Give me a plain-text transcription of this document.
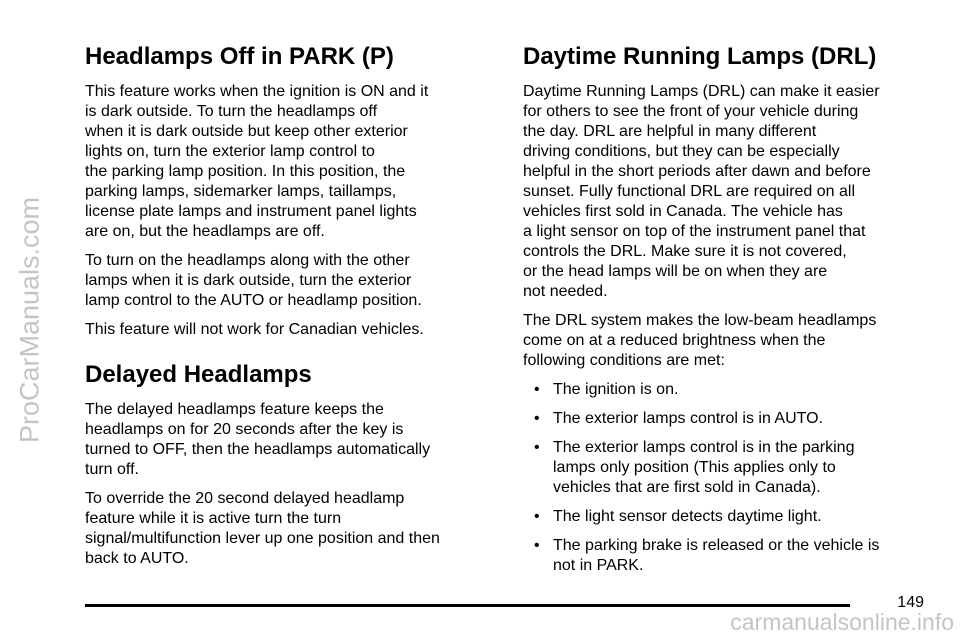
ProCarManuals.com
Headlamps Off in PARK (P)

This feature works when the ignition is ON and it
is dark outside. To turn the headlamps off
when it is dark outside but keep other exterior
lights on, turn the exterior lamp control to
the parking lamp position. In this position, the
parking lamps, sidemarker lamps, taillamps,
license plate lamps and instrument panel lights
are on, but the headlamps are off.

To turn on the headlamps along with the other
lamps when it is dark outside, turn the exterior
lamp control to the AUTO or headlamp position.

This feature will not work for Canadian vehicles.

Delayed Headlamps

The delayed headlamps feature keeps the
headlamps on for 20 seconds after the key is
turned to OFF, then the headlamps automatically
turn off.

To override the 20 second delayed headlamp
feature while it is active turn the turn
signal/multifunction lever up one position and then
back to AUTO.

Daytime Running Lamps (DRL)

Daytime Running Lamps (DRL) can make it easier
for others to see the front of your vehicle during
the day. DRL are helpful in many different
driving conditions, but they can be especially
helpful in the short periods after dawn and before
sunset. Fully functional DRL are required on all
vehicles first sold in Canada. The vehicle has
a light sensor on top of the instrument panel that
controls the DRL. Make sure it is not covered,
or the head lamps will be on when they are
not needed.

The DRL system makes the low-beam headlamps
come on at a reduced brightness when the
following conditions are met:

• The ignition is on.
• The exterior lamps control is in AUTO.
• The exterior lamps control is in the parking
lamps only position (This applies only to
vehicles that are first sold in Canada).
• The light sensor detects daytime light.
• The parking brake is released or the vehicle is
not in PARK.
149
carmanualsonline.info
